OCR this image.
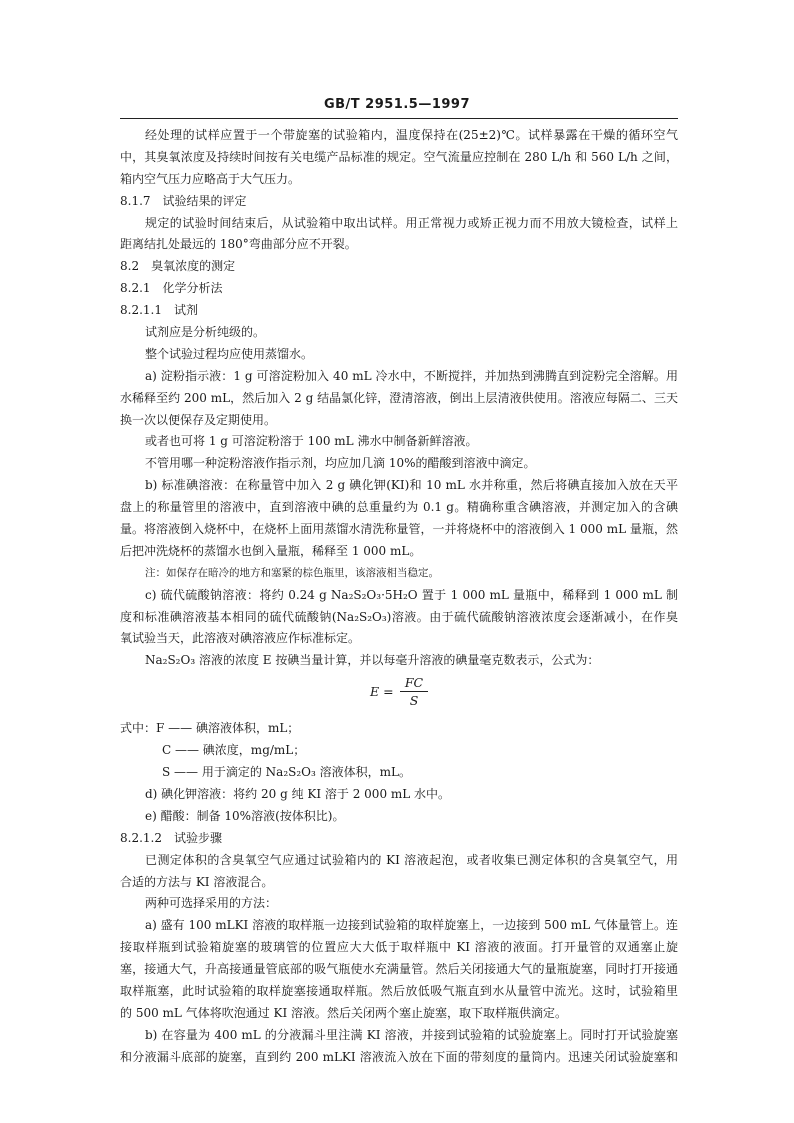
GB/T 2951.5—1997
经处理的试样应置于一个带旋塞的试验箱内，温度保持在(25±2)℃。试样暴露在干燥的循环空气
中，其臭氧浓度及持续时间按有关电缆产品标准的规定。空气流量应控制在 280 L/h 和 560 L/h 之间，
箱内空气压力应略高于大气压力。
8.1.7　试验结果的评定
规定的试验时间结束后，从试验箱中取出试样。用正常视力或矫正视力而不用放大镜检查，试样上
距离结扎处最远的 180°弯曲部分应不开裂。
8.2　臭氧浓度的测定
8.2.1　化学分析法
8.2.1.1　试剂
试剂应是分析纯级的。
整个试验过程均应使用蒸馏水。
a) 淀粉指示液：1 g 可溶淀粉加入 40 mL 冷水中，不断搅拌，并加热到沸腾直到淀粉完全溶解。用
水稀释至约 200 mL，然后加入 2 g 结晶氯化锌，澄清溶液，倒出上层清液供使用。溶液应每隔二、三天
换一次以便保存及定期使用。
或者也可将 1 g 可溶淀粉溶于 100 mL 沸水中制备新鲜溶液。
不管用哪一种淀粉溶液作指示剂，均应加几滴 10%的醋酸到溶液中滴定。
b) 标准碘溶液：在称量管中加入 2 g 碘化钾(KI)和 10 mL 水并称重，然后将碘直接加入放在天平
盘上的称量管里的溶液中，直到溶液中碘的总重量约为 0.1 g。精确称重含碘溶液，并测定加入的含碘
量。将溶液倒入烧杯中，在烧杯上面用蒸馏水清洗称量管，一并将烧杯中的溶液倒入 1 000 mL 量瓶，然
后把冲洗烧杯的蒸馏水也倒入量瓶，稀释至 1 000 mL。
注：如保存在暗冷的地方和塞紧的棕色瓶里，该溶液相当稳定。
c) 硫代硫酸钠溶液：将约 0.24 g Na₂S₂O₃·5H₂O 置于 1 000 mL 量瓶中，稀释到 1 000 mL 制
度和标准碘溶液基本相同的硫代硫酸钠(Na₂S₂O₃)溶液。由于硫代硫酸钠溶液浓度会逐渐减小，在作臭
氧试验当天，此溶液对碘溶液应作标准标定。
Na₂S₂O₃ 溶液的浓度 E 按碘当量计算，并以每毫升溶液的碘量毫克数表示，公式为：
$E = \frac{FC}{S}$
式中：F —— 碘溶液体积，mL；
C —— 碘浓度，mg/mL；
S —— 用于滴定的 Na₂S₂O₃ 溶液体积，mL。
d) 碘化钾溶液：将约 20 g 纯 KI 溶于 2 000 mL 水中。
e) 醋酸：制备 10%溶液(按体积比)。
8.2.1.2　试验步骤
已测定体积的含臭氧空气应通过试验箱内的 KI 溶液起泡，或者收集已测定体积的含臭氧空气，用
合适的方法与 KI 溶液混合。
两种可选择采用的方法：
a) 盛有 100 mLKI 溶液的取样瓶一边接到试验箱的取样旋塞上，一边接到 500 mL 气体量管上。连
接取样瓶到试验箱旋塞的玻璃管的位置应大大低于取样瓶中 KI 溶液的液面。打开量管的双通塞止旋
塞，接通大气，升高接通量管底部的吸气瓶使水充满量管。然后关闭接通大气的量瓶旋塞，同时打开接通
取样瓶塞，此时试验箱的取样旋塞接通取样瓶。然后放低吸气瓶直到水从量管中流光。这时，试验箱里
的 500 mL 气体将吹泡通过 KI 溶液。然后关闭两个塞止旋塞，取下取样瓶供滴定。
b) 在容量为 400 mL 的分液漏斗里注满 KI 溶液，并接到试验箱的试验旋塞上。同时打开试验旋塞
和分液漏斗底部的旋塞，直到约 200 mLKI 溶液流入放在下面的带刻度的量筒内。迅速关闭试验旋塞和
